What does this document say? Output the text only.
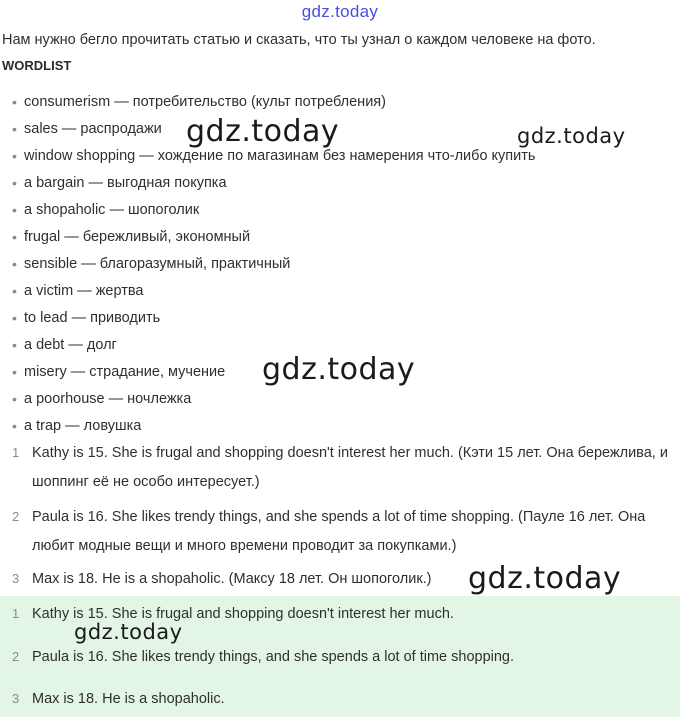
gdz.today
Нам нужно бегло прочитать статью и сказать, что ты узнал о каждом человеке на фото.
WORDLIST
• consumerism — потребительство (культ потребления)
• sales — распродажи
• window shopping — хождение по магазинам без намерения что-либо купить
• a bargain — выгодная покупка
• a shopaholic — шопоголик
• frugal — бережливый, экономный
• sensible — благоразумный, практичный
• a victim — жертва
• to lead — приводить
• a debt — долг
• misery — страдание, мучение
• a poorhouse — ночлежка
• a trap — ловушка
1 Kathy is 15. She is frugal and shopping doesn't interest her much. (Кэти 15 лет. Она бережлива, и шоппинг её не особо интересует.)
2 Paula is 16. She likes trendy things, and she spends a lot of time shopping. (Пауле 16 лет. Она любит модные вещи и много времени проводит за покупками.)
3 Max is 18. He is a shopaholic. (Максу 18 лет. Он шопоголик.)
1 Kathy is 15. She is frugal and shopping doesn't interest her much.
2 Paula is 16. She likes trendy things, and she spends a lot of time shopping.
3 Max is 18. He is a shopaholic.
gdz.today	gdz.today
gdz.today
gdz.today
gdz.today
